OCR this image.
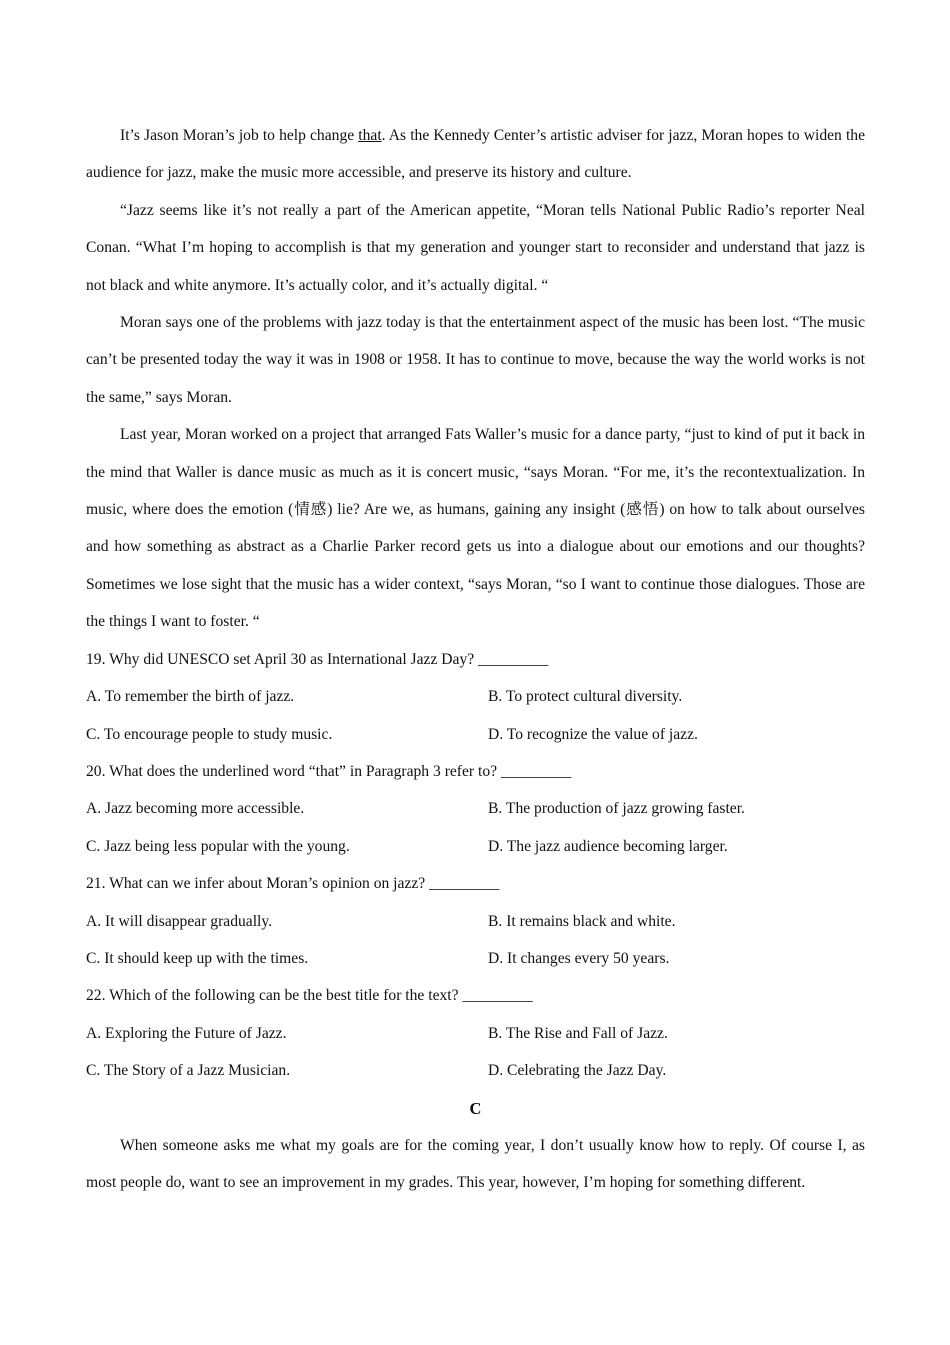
It’s Jason Moran’s job to help change that. As the Kennedy Center’s artistic adviser for jazz, Moran hopes to widen the audience for jazz, make the music more accessible, and preserve its history and culture.

“Jazz seems like it’s not really a part of the American appetite, “Moran tells National Public Radio’s reporter Neal Conan. “What I’m hoping to accomplish is that my generation and younger start to reconsider and understand that jazz is not black and white anymore. It’s actually color, and it’s actually digital. “

Moran says one of the problems with jazz today is that the entertainment aspect of the music has been lost. “The music can’t be presented today the way it was in 1908 or 1958. It has to continue to move, because the way the world works is not the same,” says Moran.

Last year, Moran worked on a project that arranged Fats Waller’s music for a dance party, “just to kind of put it back in the mind that Waller is dance music as much as it is concert music, “says Moran. “For me, it’s the recontextualization. In music, where does the emotion (情感) lie? Are we, as humans, gaining any insight (感悟) on how to talk about ourselves and how something as abstract as a Charlie Parker record gets us into a dialogue about our emotions and our thoughts? Sometimes we lose sight that the music has a wider context, “says Moran, “so I want to continue those dialogues. Those are the things I want to foster. “

19. Why did UNESCO set April 30 as International Jazz Day? _________

A. To remember the birth of jazz.	B. To protect cultural diversity.
C. To encourage people to study music.	D. To recognize the value of jazz.

20. What does the underlined word “that” in Paragraph 3 refer to? _________

A. Jazz becoming more accessible.	B. The production of jazz growing faster.
C. Jazz being less popular with the young.	D. The jazz audience becoming larger.

21. What can we infer about Moran’s opinion on jazz? _________

A. It will disappear gradually.	B. It remains black and white.
C. It should keep up with the times.	D. It changes every 50 years.

22. Which of the following can be the best title for the text? _________

A. Exploring the Future of Jazz.	B. The Rise and Fall of Jazz.
C. The Story of a Jazz Musician.	D. Celebrating the Jazz Day.

C

When someone asks me what my goals are for the coming year, I don’t usually know how to reply. Of course I, as most people do, want to see an improvement in my grades. This year, however, I’m hoping for something different.
